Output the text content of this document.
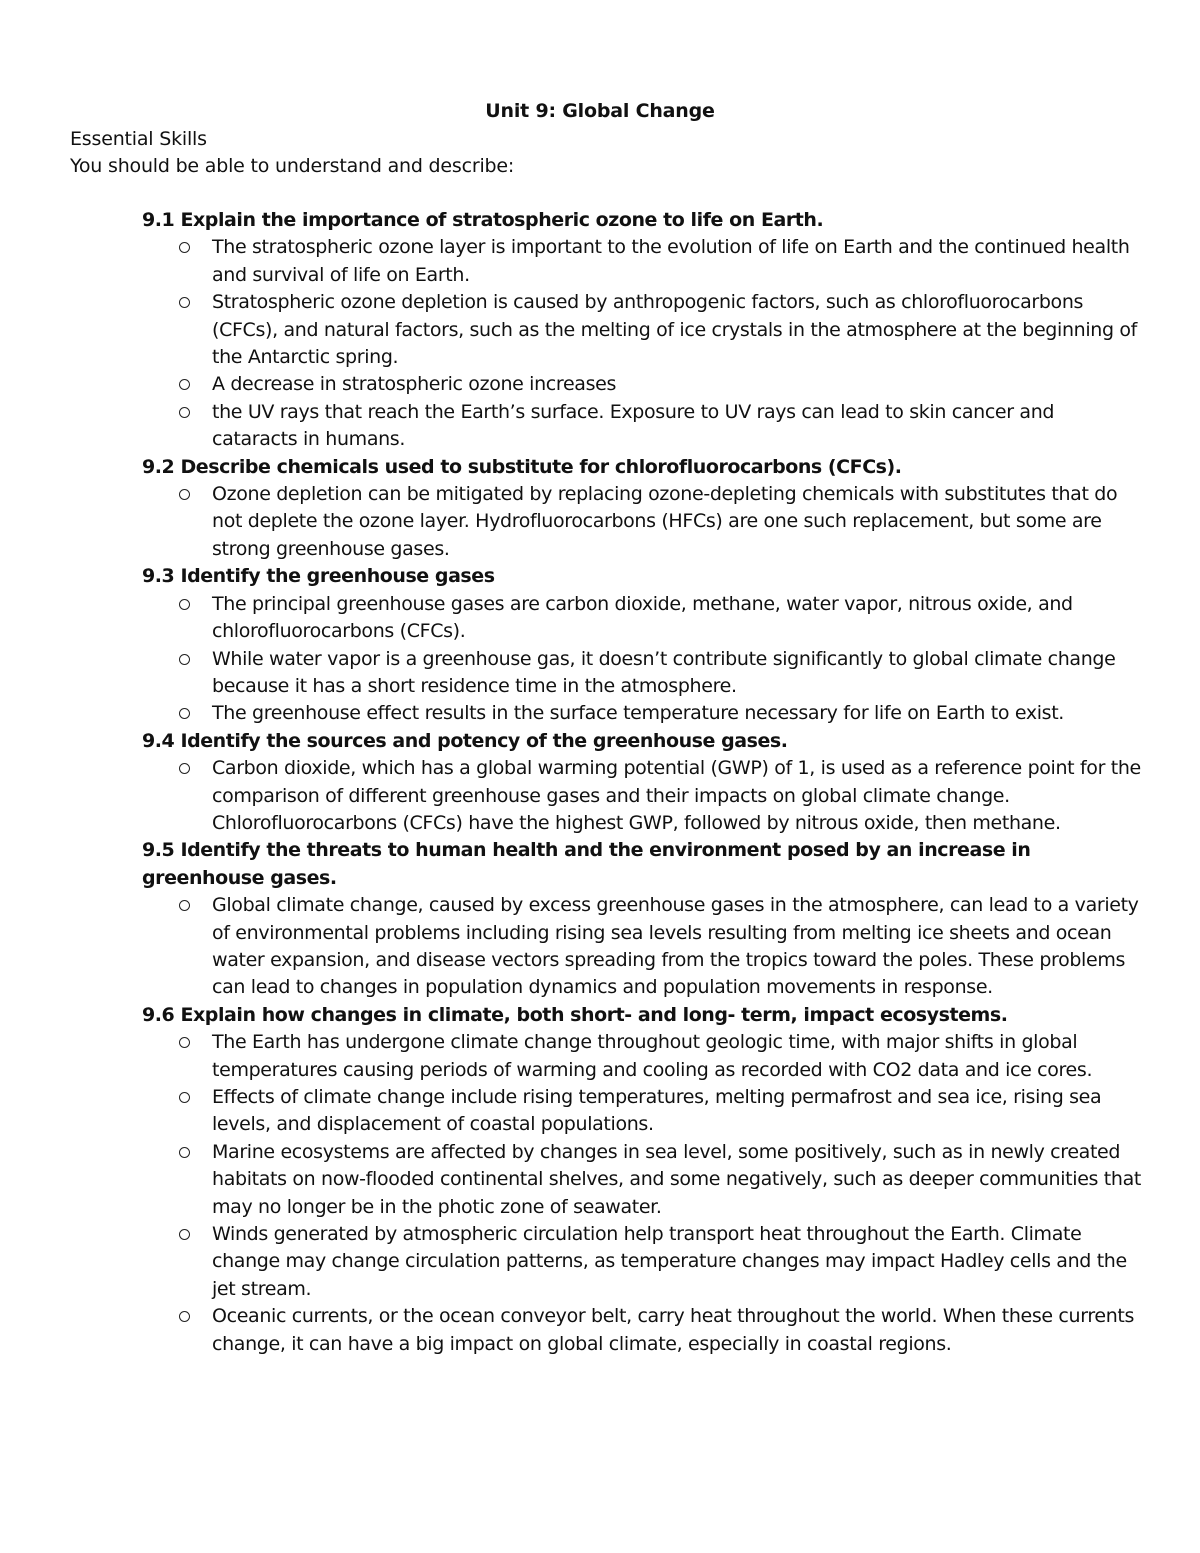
Unit 9: Global Change
Essential Skills
You should be able to understand and describe:
9.1 Explain the importance of stratospheric ozone to life on Earth.
The stratospheric ozone layer is important to the evolution of life on Earth and the continued health and survival of life on Earth.
Stratospheric ozone depletion is caused by anthropogenic factors, such as chlorofluorocarbons (CFCs), and natural factors, such as the melting of ice crystals in the atmosphere at the beginning of the Antarctic spring.
A decrease in stratospheric ozone increases
the UV rays that reach the Earth’s surface. Exposure to UV rays can lead to skin cancer and cataracts in humans.
9.2 Describe chemicals used to substitute for chlorofluorocarbons (CFCs).
Ozone depletion can be mitigated by replacing ozone-depleting chemicals with substitutes that do not deplete the ozone layer. Hydrofluorocarbons (HFCs) are one such replacement, but some are strong greenhouse gases.
9.3 Identify the greenhouse gases
The principal greenhouse gases are carbon dioxide, methane, water vapor, nitrous oxide, and chlorofluorocarbons (CFCs).
While water vapor is a greenhouse gas, it doesn’t contribute significantly to global climate change because it has a short residence time in the atmosphere.
The greenhouse effect results in the surface temperature necessary for life on Earth to exist.
9.4 Identify the sources and potency of the greenhouse gases.
Carbon dioxide, which has a global warming potential (GWP) of 1, is used as a reference point for the comparison of different greenhouse gases and their impacts on global climate change. Chlorofluorocarbons (CFCs) have the highest GWP, followed by nitrous oxide, then methane.
9.5 Identify the threats to human health and the environment posed by an increase in greenhouse gases.
Global climate change, caused by excess greenhouse gases in the atmosphere, can lead to a variety of environmental problems including rising sea levels resulting from melting ice sheets and ocean water expansion, and disease vectors spreading from the tropics toward the poles. These problems can lead to changes in population dynamics and population movements in response.
9.6 Explain how changes in climate, both short- and long- term, impact ecosystems.
The Earth has undergone climate change throughout geologic time, with major shifts in global temperatures causing periods of warming and cooling as recorded with CO2 data and ice cores.
Effects of climate change include rising temperatures, melting permafrost and sea ice, rising sea levels, and displacement of coastal populations.
Marine ecosystems are affected by changes in sea level, some positively, such as in newly created habitats on now-flooded continental shelves, and some negatively, such as deeper communities that may no longer be in the photic zone of seawater.
Winds generated by atmospheric circulation help transport heat throughout the Earth. Climate change may change circulation patterns, as temperature changes may impact Hadley cells and the jet stream.
Oceanic currents, or the ocean conveyor belt, carry heat throughout the world. When these currents change, it can have a big impact on global climate, especially in coastal regions.
